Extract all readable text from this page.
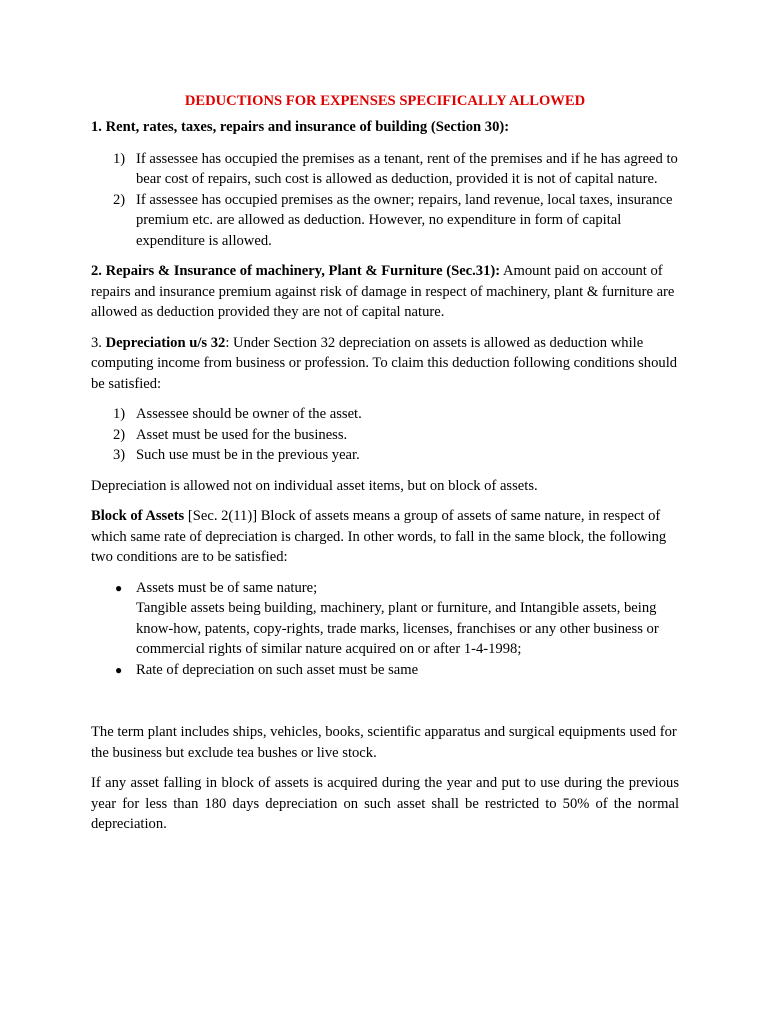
DEDUCTIONS FOR EXPENSES SPECIFICALLY ALLOWED
1. Rent, rates, taxes, repairs and insurance of building (Section 30):
1) If assessee has occupied the premises as a tenant, rent of the premises and if he has agreed to bear cost of repairs, such cost is allowed as deduction, provided it is not of capital nature.
2) If assessee has occupied premises as the owner; repairs, land revenue, local taxes, insurance premium etc. are allowed as deduction. However, no expenditure in form of capital expenditure is allowed.

2. Repairs & Insurance of machinery, Plant & Furniture (Sec.31): Amount paid on account of repairs and insurance premium against risk of damage in respect of machinery, plant & furniture are allowed as deduction provided they are not of capital nature.

3. Depreciation u/s 32: Under Section 32 depreciation on assets is allowed as deduction while computing income from business or profession. To claim this deduction following conditions should be satisfied:

1) Assessee should be owner of the asset.
2) Asset must be used for the business.
3) Such use must be in the previous year.

Depreciation is allowed not on individual asset items, but on block of assets.

Block of Assets [Sec. 2(11)] Block of assets means a group of assets of same nature, in respect of which same rate of depreciation is charged. In other words, to fall in the same block, the following two conditions are to be satisfied:

● Assets must be of same nature;
Tangible assets being building, machinery, plant or furniture, and Intangible assets, being know-how, patents, copy-rights, trade marks, licenses, franchises or any other business or commercial rights of similar nature acquired on or after 1-4-1998;
● Rate of depreciation on such asset must be same

The term plant includes ships, vehicles, books, scientific apparatus and surgical equipments used for the business but exclude tea bushes or live stock.

If any asset falling in block of assets is acquired during the year and put to use during the previous year for less than 180 days depreciation on such asset shall be restricted to 50% of the normal depreciation.
